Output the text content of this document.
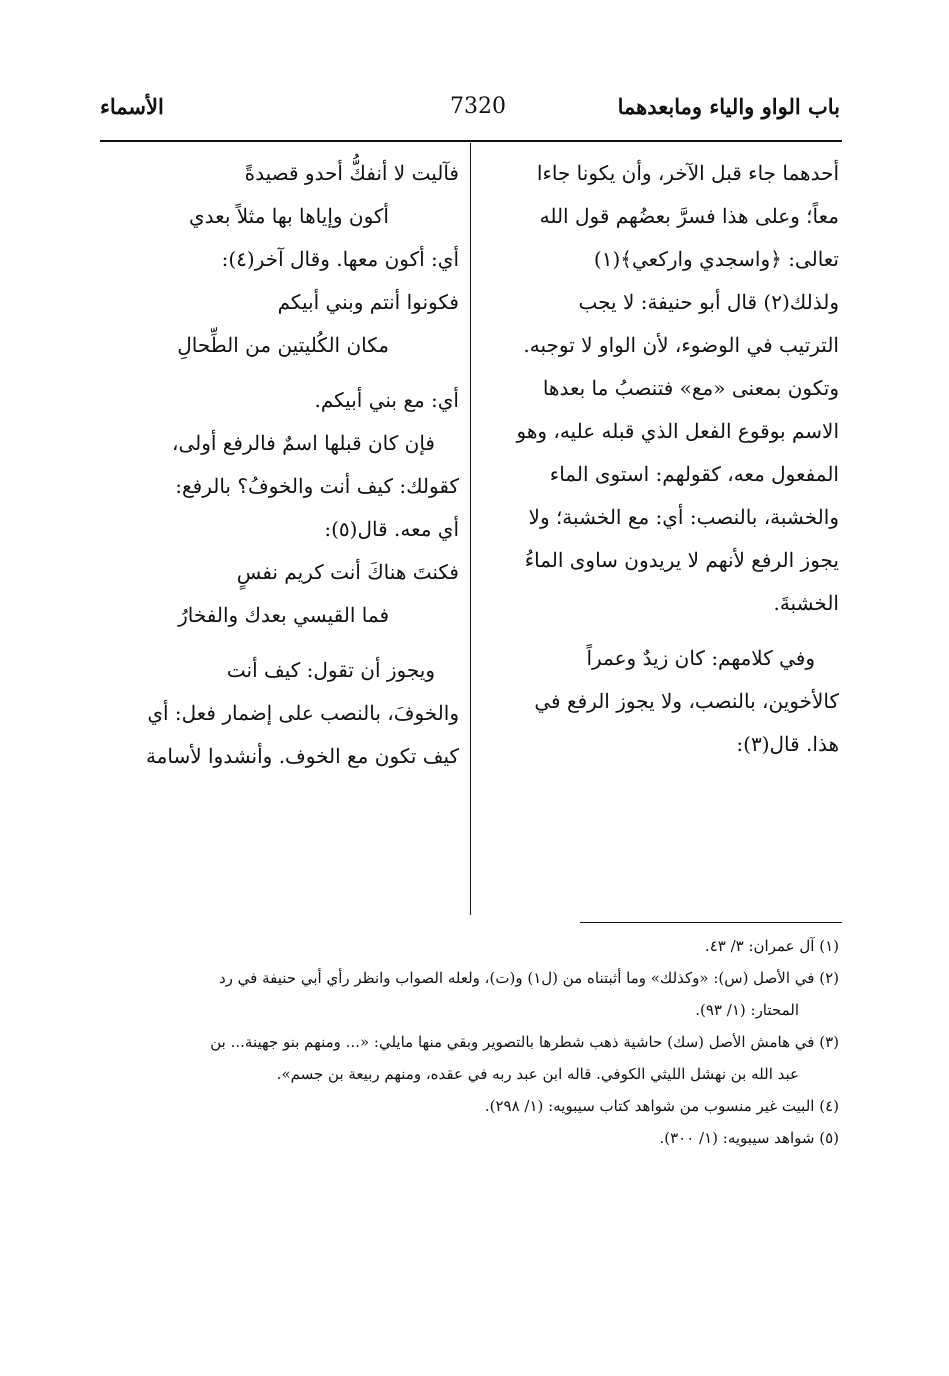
باب الواو والياء ومابعدهما
7320
الأسماء
أحدهما جاء قبل الآخر، وأن يكونا جاءا
معاً؛ وعلى هذا فسرَّ بعضُهم قول الله
تعالى: ﴿واسجدي واركعي﴾(١)
ولذلك(٢) قال أبو حنيفة: لا يجب
الترتيب في الوضوء، لأن الواو لا توجبه.
وتكون بمعنى «مع» فتنصبُ ما بعدها
الاسم بوقوع الفعل الذي قبله عليه، وهو
المفعول معه، كقولهم: استوى الماء
والخشبة، بالنصب: أي: مع الخشبة؛ ولا
يجوز الرفع لأنهم لا يريدون ساوى الماءُ
الخشبةَ.
وفي كلامهم: كان زيدٌ وعمراً
كالأخوين، بالنصب، ولا يجوز الرفع في
هذا. قال(٣):
فآليت لا أنفكُّ أحدو قصيدةً
أكون وإياها بها مثلاً بعدي
أي: أكون معها. وقال آخر(٤):
فكونوا أنتم وبني أبيكم
مكان الكُليتين من الطِّحالِ
أي: مع بني أبيكم.
فإن كان قبلها اسمٌ فالرفع أولى،
كقولك: كيف أنت والخوفُ؟ بالرفع:
أي معه. قال(٥):
فكنتَ هناكَ أنت كريم نفسٍ
فما القيسي بعدك والفخارُ
ويجوز أن تقول: كيف أنت
والخوفَ، بالنصب على إضمار فعل: أي
كيف تكون مع الخوف. وأنشدوا لأسامة
(١) آل عمران: ٣/ ٤٣.
(٢) في الأصل (س): «وكذلك» وما أثبتناه من (ل١) و(ت)، ولعله الصواب وانظر رأي أبي حنيفة في رد
المحتار: (١/ ٩٣).
(٣) في هامش الأصل (سك) حاشية ذهب شطرها بالتصوير وبقي منها مايلي: «... ومنهم بنو جهينة... بن
عبد الله بن نهشل الليثي الكوفي. قاله ابن عبد ربه في عقده، ومنهم ربيعة بن جسم».
(٤) البيت غير منسوب من شواهد كتاب سيبويه: (١/ ٢٩٨).
(٥) شواهد سيبويه: (١/ ٣٠٠).
